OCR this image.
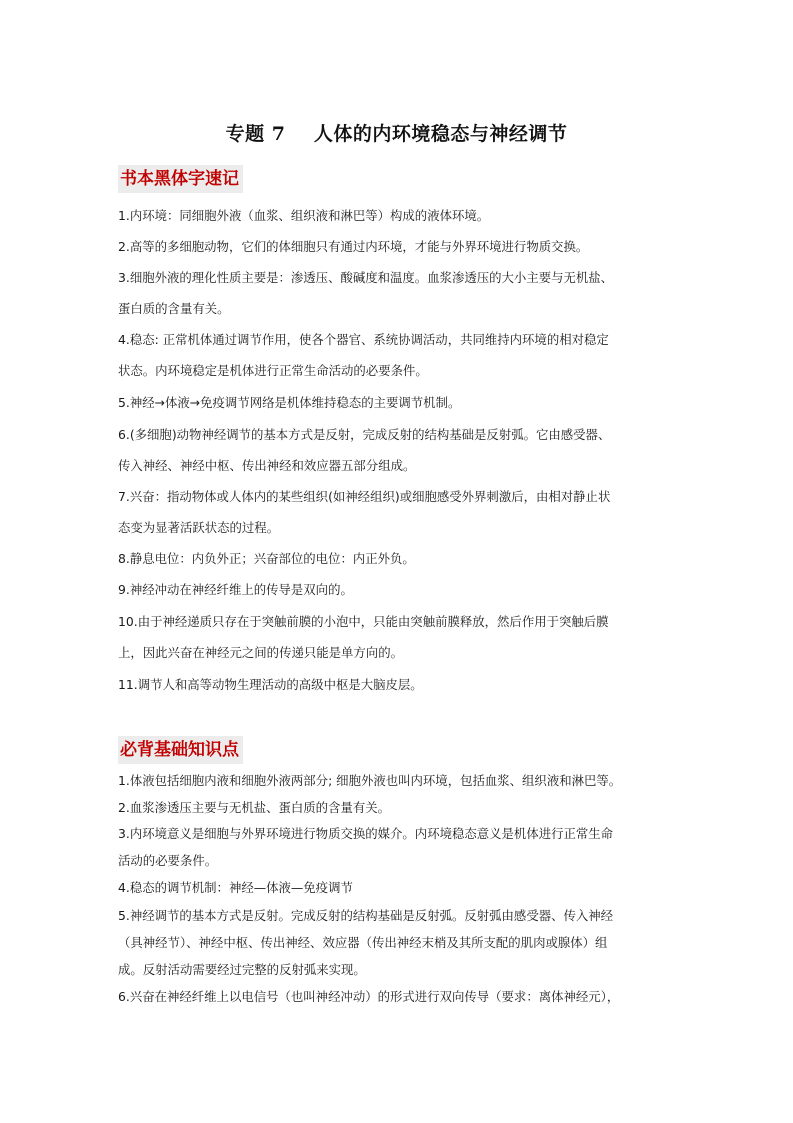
专题 7    人体的内环境稳态与神经调节
书本黑体字速记
1.内环境：同细胞外液（血浆、组织液和淋巴等）构成的液体环境。
2.高等的多细胞动物，它们的体细胞只有通过内环境，才能与外界环境进行物质交换。
3.细胞外液的理化性质主要是：渗透压、酸碱度和温度。血浆渗透压的大小主要与无机盐、
蛋白质的含量有关。
4.稳态: 正常机体通过调节作用，使各个器官、系统协调活动，共同维持内环境的相对稳定
状态。内环境稳定是机体进行正常生命活动的必要条件。
5.神经→体液→免疫调节网络是机体维持稳态的主要调节机制。
6.(多细胞)动物神经调节的基本方式是反射，完成反射的结构基础是反射弧。它由感受器、
传入神经、神经中枢、传出神经和效应器五部分组成。
7.兴奋：指动物体或人体内的某些组织(如神经组织)或细胞感受外界刺激后，由相对静止状
态变为显著活跃状态的过程。
8.静息电位：内负外正；兴奋部位的电位：内正外负。
9.神经冲动在神经纤维上的传导是双向的。
10.由于神经递质只存在于突触前膜的小泡中，只能由突触前膜释放，然后作用于突触后膜
上，因此兴奋在神经元之间的传递只能是单方向的。
11.调节人和高等动物生理活动的高级中枢是大脑皮层。
必背基础知识点
1.体液包括细胞内液和细胞外液两部分; 细胞外液也叫内环境，包括血浆、组织液和淋巴等。
2.血浆渗透压主要与无机盐、蛋白质的含量有关。
3.内环境意义是细胞与外界环境进行物质交换的媒介。内环境稳态意义是机体进行正常生命
活动的必要条件。
4.稳态的调节机制：神经—体液—免疫调节
5.神经调节的基本方式是反射。完成反射的结构基础是反射弧。反射弧由感受器、传入神经
（具神经节）、神经中枢、传出神经、效应器（传出神经末梢及其所支配的肌肉或腺体）组
成。反射活动需要经过完整的反射弧来实现。
6.兴奋在神经纤维上以电信号（也叫神经冲动）的形式进行双向传导（要求：离体神经元），
